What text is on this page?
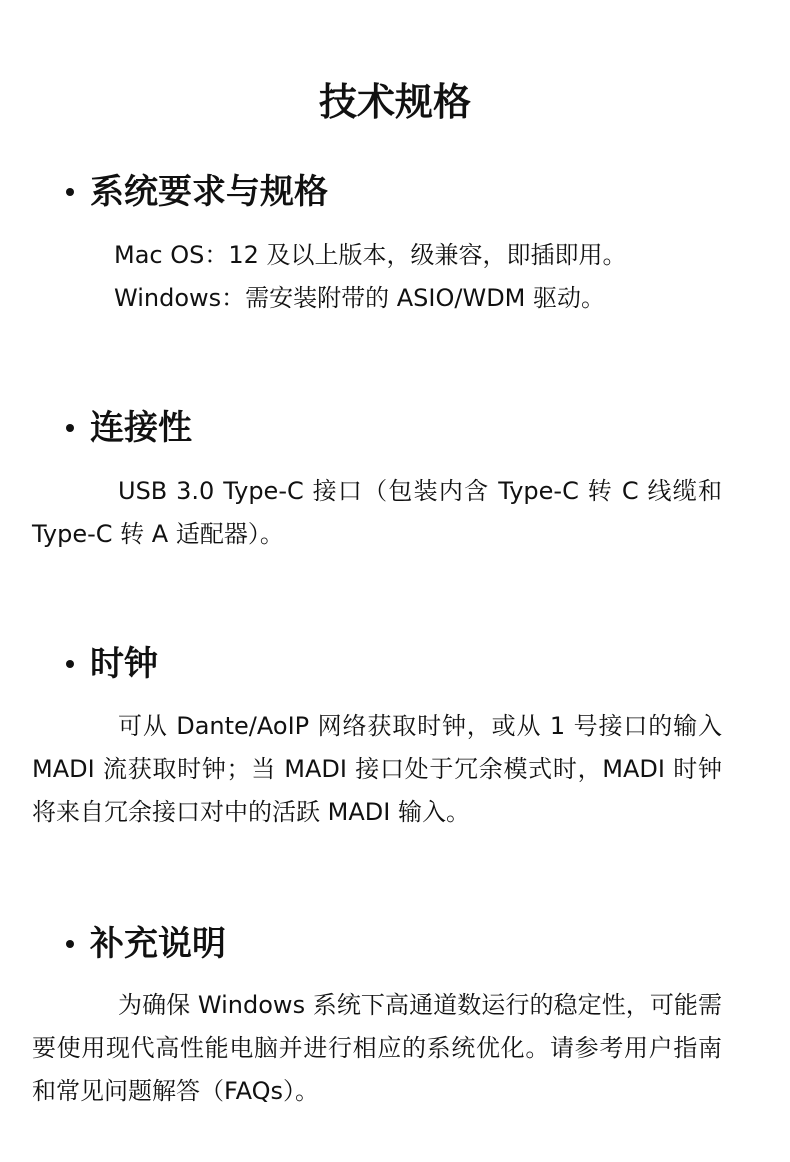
技术规格
系统要求与规格

Mac OS：12 及以上版本，级兼容，即插即用。

Windows：需安装附带的 ASIO/WDM 驱动。

连接性

USB 3.0 Type-C 接口（包装内含 Type-C 转 C 线缆和 Type-C 转 A 适配器）。

时钟

可从 Dante/AoIP 网络获取时钟，或从 1 号接口的输入 MADI 流获取时钟；当 MADI 接口处于冗余模式时，MADI 时钟将来自冗余接口对中的活跃 MADI 输入。

补充说明

为确保 Windows 系统下高通道数运行的稳定性，可能需要使用现代高性能电脑并进行相应的系统优化。请参考用户指南和常见问题解答（FAQs）。
